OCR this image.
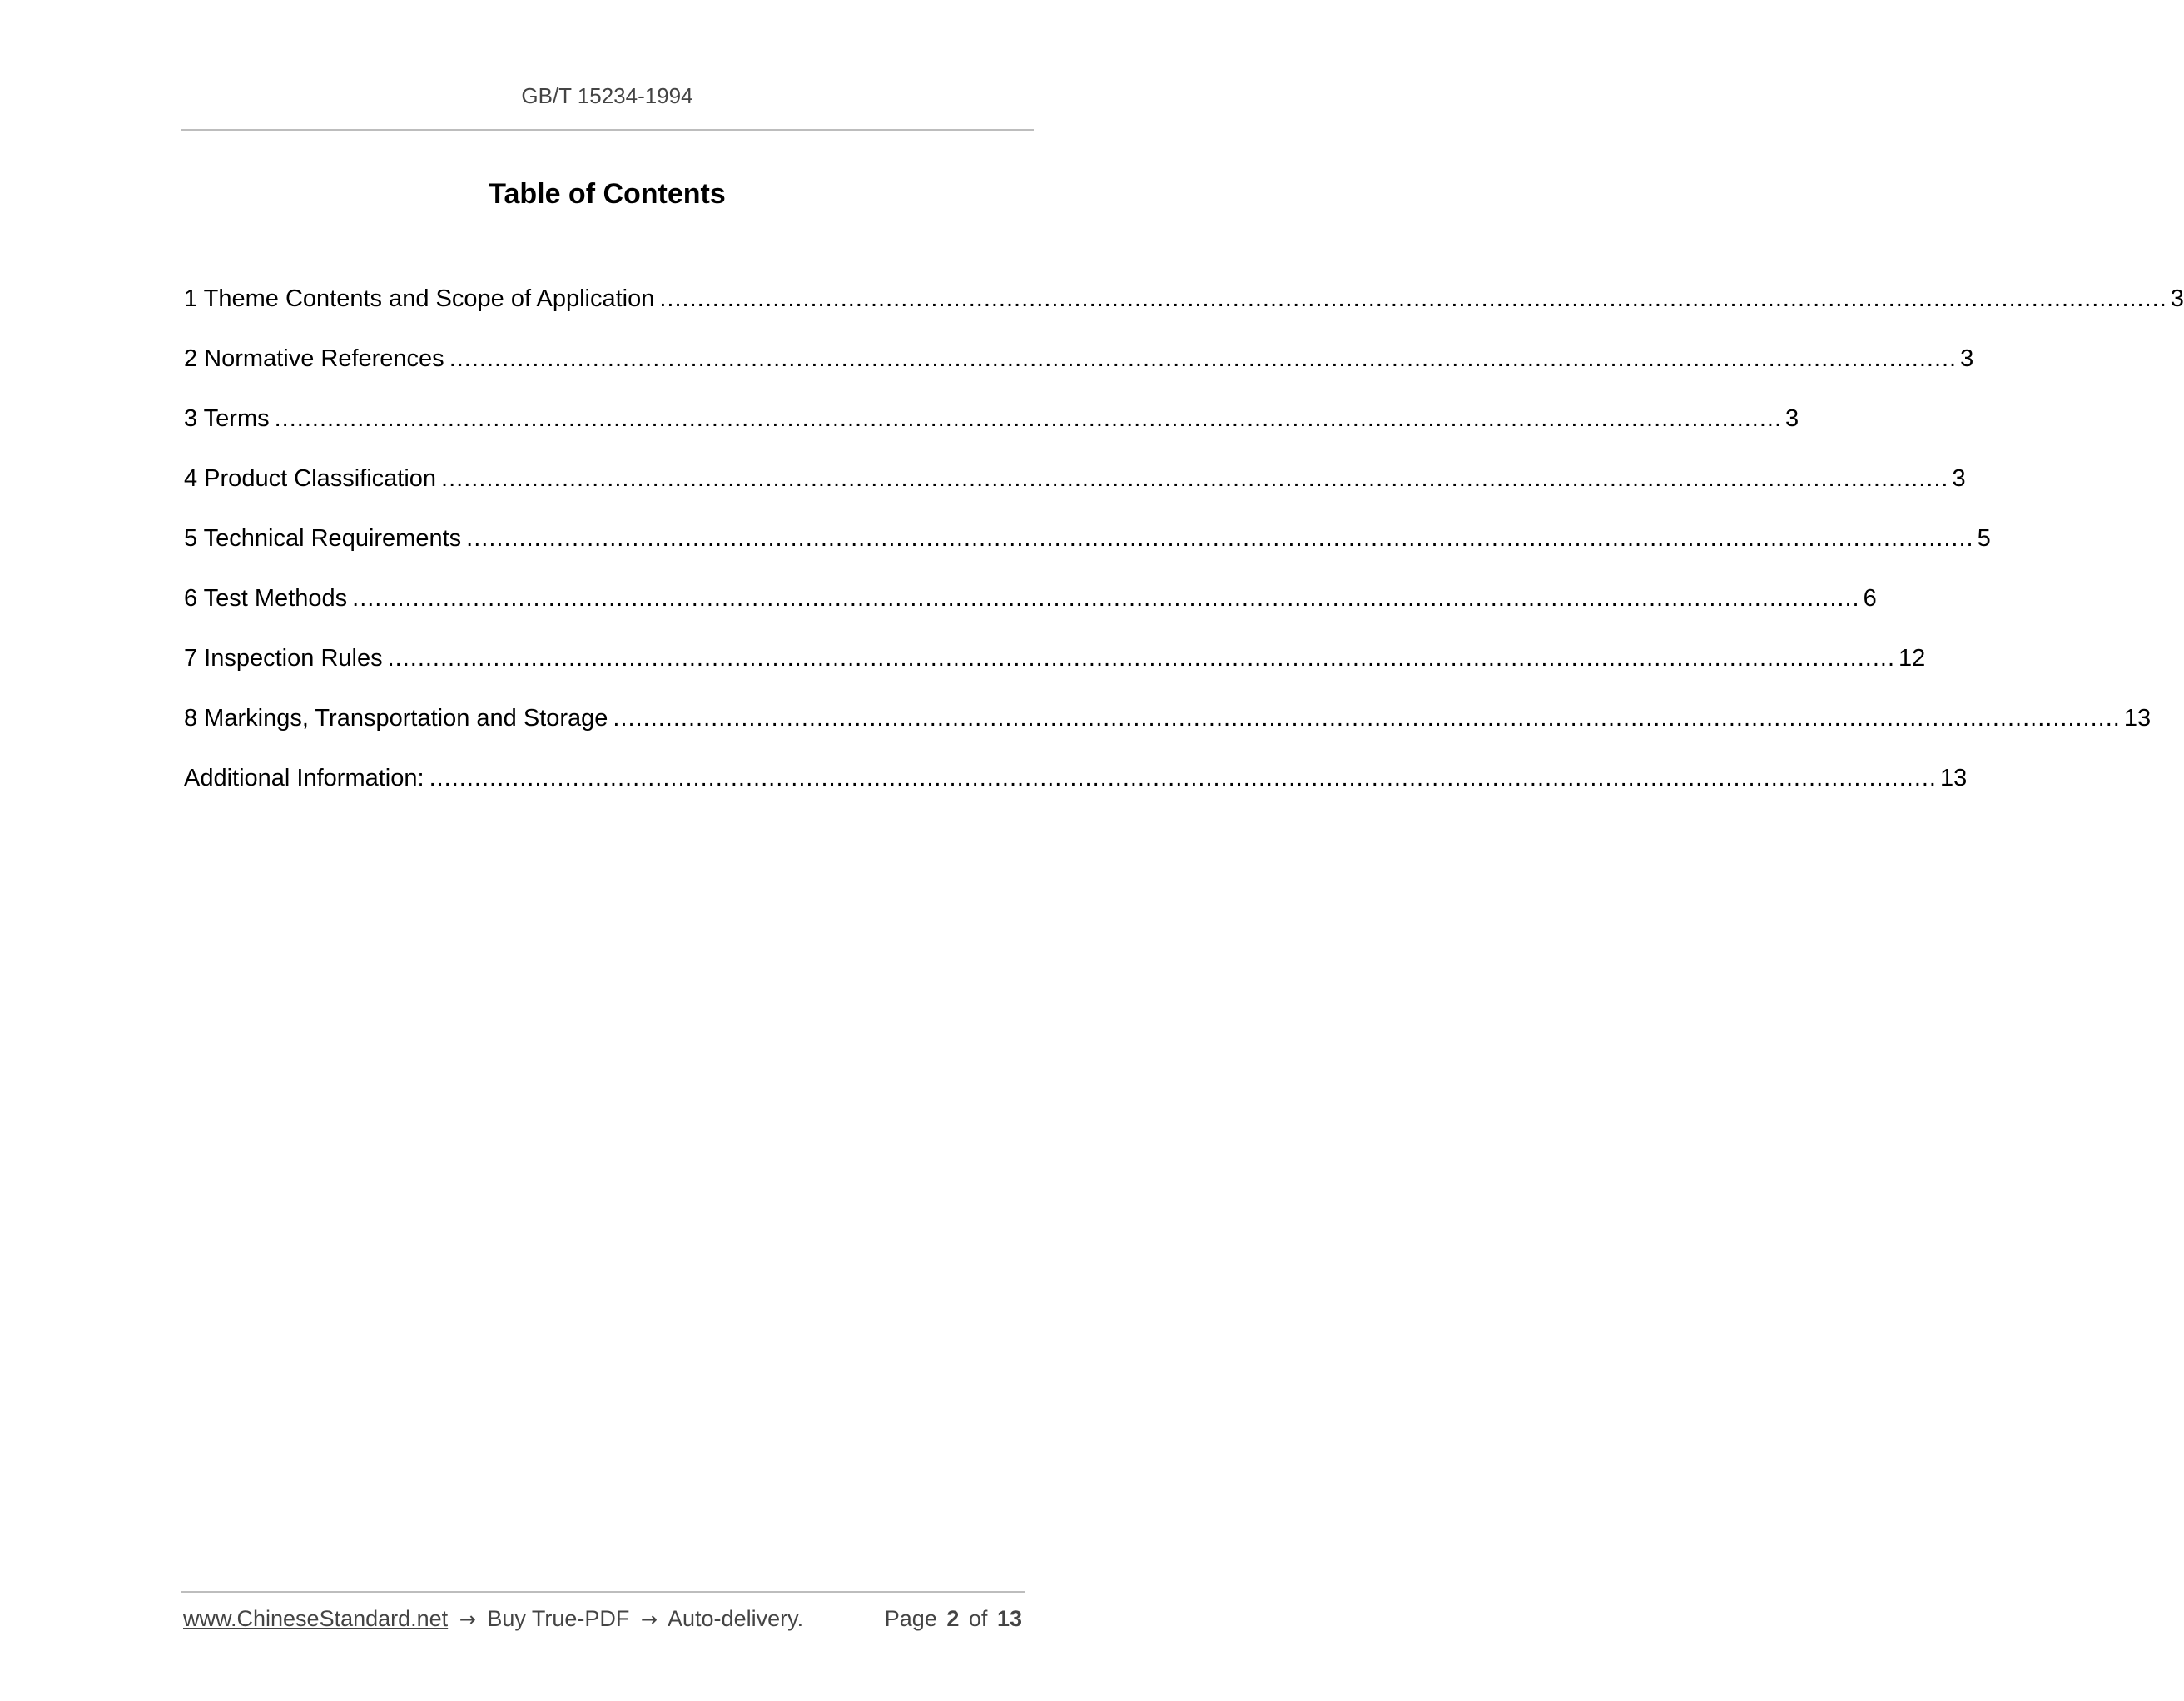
GB/T 15234-1994
Table of Contents
1 Theme Contents and Scope of Application ........................................................................................................................................................................................................ 3
2 Normative References ........................................................................................................................................................................................................ 3
3 Terms ........................................................................................................................................................................................................ 3
4 Product Classification ........................................................................................................................................................................................................ 3
5 Technical Requirements ........................................................................................................................................................................................................ 5
6 Test Methods ........................................................................................................................................................................................................ 6
7 Inspection Rules ........................................................................................................................................................................................................ 12
8 Markings, Transportation and Storage ........................................................................................................................................................................................................ 13
Additional Information: ........................................................................................................................................................................................................ 13
www.ChineseStandard.net → Buy True-PDF → Auto-delivery.	Page 2 of 13
